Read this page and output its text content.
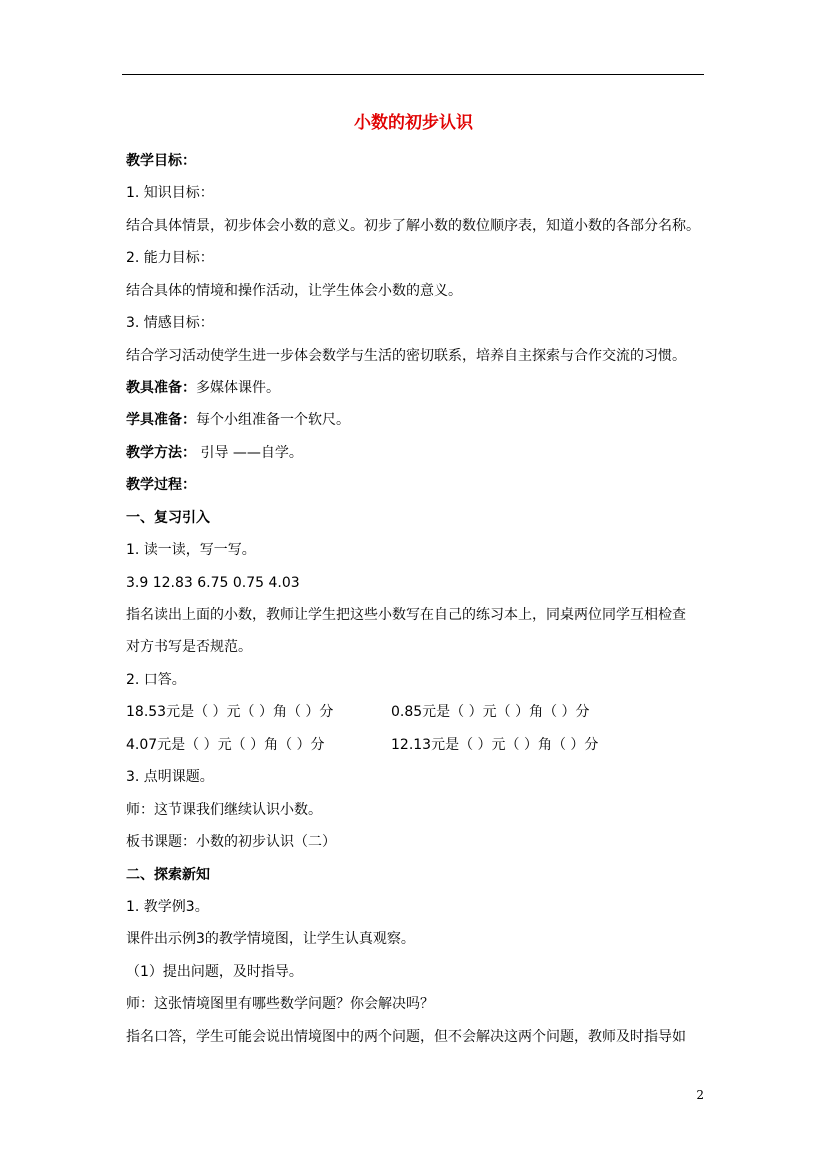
小数的初步认识
教学目标：
1. 知识目标：
结合具体情景，初步体会小数的意义。初步了解小数的数位顺序表，知道小数的各部分名称。
2. 能力目标：
结合具体的情境和操作活动，让学生体会小数的意义。
3. 情感目标：
结合学习活动使学生进一步体会数学与生活的密切联系，培养自主探索与合作交流的习惯。
教具准备：多媒体课件。
学具准备：每个小组准备一个软尺。
教学方法： 引导 ——自学。
教学过程：
一、复习引入
1. 读一读，写一写。
3.9 12.83 6.75 0.75 4.03
指名读出上面的小数，教师让学生把这些小数写在自己的练习本上，同桌两位同学互相检查
对方书写是否规范。
2. 口答。
18.53元是（ ）元（ ）角（ ）分	0.85元是（ ）元（ ）角（ ）分
4.07元是（ ）元（ ）角（ ）分	12.13元是（ ）元（ ）角（ ）分
3. 点明课题。
师：这节课我们继续认识小数。
板书课题：小数的初步认识（二）
二、探索新知
1. 教学例3。
课件出示例3的教学情境图，让学生认真观察。
（1）提出问题，及时指导。
师：这张情境图里有哪些数学问题？你会解决吗？
指名口答，学生可能会说出情境图中的两个问题，但不会解决这两个问题，教师及时指导如
2
